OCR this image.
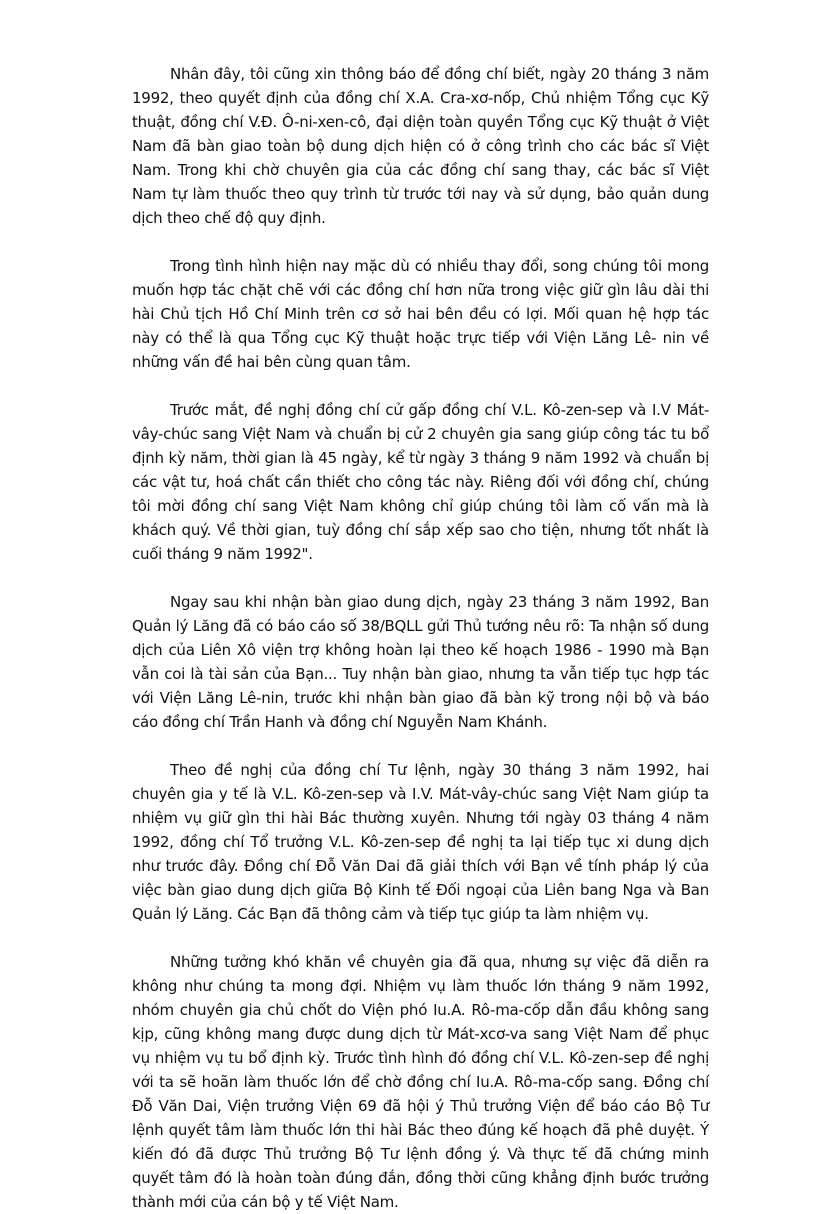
Nhân đây, tôi cũng xin thông báo để đồng chí biết, ngày 20 tháng 3 năm 1992, theo quyết định của đồng chí X.A. Cra-xơ-nốp, Chủ nhiệm Tổng cục Kỹ thuật, đồng chí V.Đ. Ô-ni-xen-cô, đại diện toàn quyền Tổng cục Kỹ thuật ở Việt Nam đã bàn giao toàn bộ dung dịch hiện có ở công trình cho các bác sĩ Việt Nam. Trong khi chờ chuyên gia của các đồng chí sang thay, các bác sĩ Việt Nam tự làm thuốc theo quy trình từ trước tới nay và sử dụng, bảo quản dung dịch theo chế độ quy định.

Trong tình hình hiện nay mặc dù có nhiều thay đổi, song chúng tôi mong muốn hợp tác chặt chẽ với các đồng chí hơn nữa trong việc giữ gìn lâu dài thi hài Chủ tịch Hồ Chí Minh trên cơ sở hai bên đều có lợi. Mối quan hệ hợp tác này có thể là qua Tổng cục Kỹ thuật hoặc trực tiếp với Viện Lăng Lê- nin về những vấn đề hai bên cùng quan tâm.

Trước mắt, đề nghị đồng chí cử gấp đồng chí V.L. Kô-zen-sep và I.V Mát-vây-chúc sang Việt Nam và chuẩn bị cử 2 chuyên gia sang giúp công tác tu bổ định kỳ năm, thời gian là 45 ngày, kể từ ngày 3 tháng 9 năm 1992 và chuẩn bị các vật tư, hoá chất cần thiết cho công tác này. Riêng đối với đồng chí, chúng tôi mời đồng chí sang Việt Nam không chỉ giúp chúng tôi làm cố vấn mà là khách quý. Về thời gian, tuỳ đồng chí sắp xếp sao cho tiện, nhưng tốt nhất là cuối tháng 9 năm 1992".

Ngay sau khi nhận bàn giao dung dịch, ngày 23 tháng 3 năm 1992, Ban Quản lý Lăng đã có báo cáo số 38/BQLL gửi Thủ tướng nêu rõ: Ta nhận số dung dịch của Liên Xô viện trợ không hoàn lại theo kế hoạch 1986 - 1990 mà Bạn vẫn coi là tài sản của Bạn... Tuy nhận bàn giao, nhưng ta vẫn tiếp tục hợp tác với Viện Lăng Lê-nin, trước khi nhận bàn giao đã bàn kỹ trong nội bộ và báo cáo đồng chí Trần Hanh và đồng chí Nguyễn Nam Khánh.

Theo đề nghị của đồng chí Tư lệnh, ngày 30 tháng 3 năm 1992, hai chuyên gia y tế là V.L. Kô-zen-sep và I.V. Mát-vây-chúc sang Việt Nam giúp ta nhiệm vụ giữ gìn thi hài Bác thường xuyên. Nhưng tới ngày 03 tháng 4 năm 1992, đồng chí Tổ trưởng V.L. Kô-zen-sep đề nghị ta lại tiếp tục xi dung dịch như trước đây. Đồng chí Đỗ Văn Dai đã giải thích với Bạn về tính pháp lý của việc bàn giao dung dịch giữa Bộ Kinh tế Đối ngoại của Liên bang Nga và Ban Quản lý Lăng. Các Bạn đã thông cảm và tiếp tục giúp ta làm nhiệm vụ.

Những tưởng khó khăn về chuyên gia đã qua, nhưng sự việc đã diễn ra không như chúng ta mong đợi. Nhiệm vụ làm thuốc lớn tháng 9 năm 1992, nhóm chuyên gia chủ chốt do Viện phó Iu.A. Rô-ma-cốp dẫn đầu không sang kịp, cũng không mang được dung dịch từ Mát-xcơ-va sang Việt Nam để phục vụ nhiệm vụ tu bổ định kỳ. Trước tình hình đó đồng chí V.L. Kô-zen-sep đề nghị với ta sẽ hoãn làm thuốc lớn để chờ đồng chí Iu.A. Rô-ma-cốp sang. Đồng chí Đỗ Văn Dai, Viện trưởng Viện 69 đã hội ý Thủ trưởng Viện để báo cáo Bộ Tư lệnh quyết tâm làm thuốc lớn thi hài Bác theo đúng kế hoạch đã phê duyệt. Ý kiến đó đã được Thủ trưởng Bộ Tư lệnh đồng ý. Và thực tế đã chứng minh quyết tâm đó là hoàn toàn đúng đắn, đồng thời cũng khẳng định bước trưởng thành mới của cán bộ y tế Việt Nam.
